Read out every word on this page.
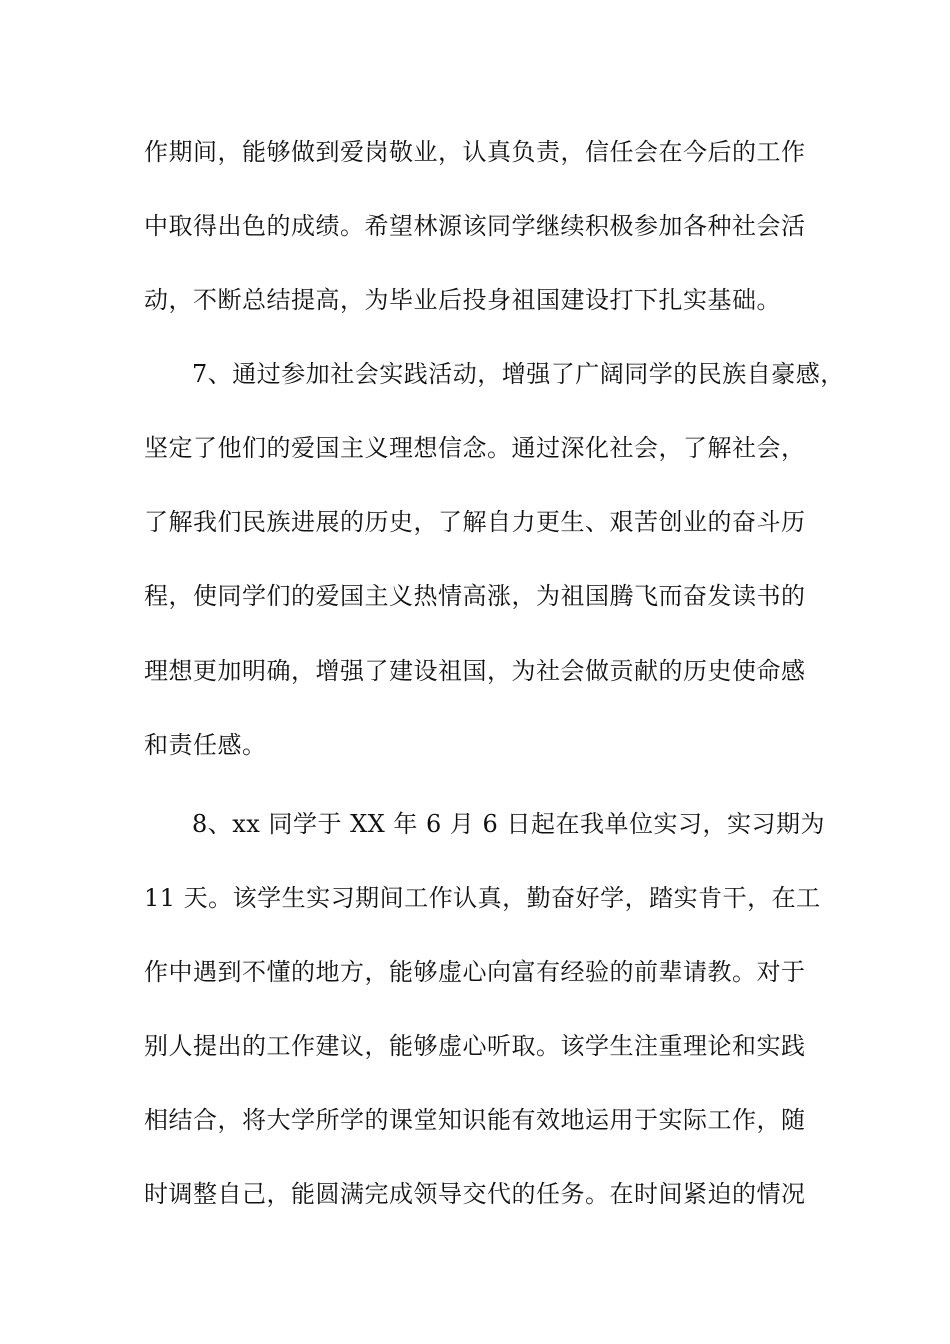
作期间，能够做到爱岗敬业，认真负责，信任会在今后的工作
中取得出色的成绩。希望林源该同学继续积极参加各种社会活
动，不断总结提高，为毕业后投身祖国建设打下扎实基础。
7、通过参加社会实践活动，增强了广阔同学的民族自豪感，
坚定了他们的爱国主义理想信念。通过深化社会，了解社会，
了解我们民族进展的历史，了解自力更生、艰苦创业的奋斗历
程，使同学们的爱国主义热情高涨，为祖国腾飞而奋发读书的
理想更加明确，增强了建设祖国，为社会做贡献的历史使命感
和责任感。
8、xx 同学于 XX 年 6 月 6 日起在我单位实习，实习期为
11 天。该学生实习期间工作认真，勤奋好学，踏实肯干，在工
作中遇到不懂的地方，能够虚心向富有经验的前辈请教。对于
别人提出的工作建议，能够虚心听取。该学生注重理论和实践
相结合，将大学所学的课堂知识能有效地运用于实际工作，随
时调整自己，能圆满完成领导交代的任务。在时间紧迫的情况
